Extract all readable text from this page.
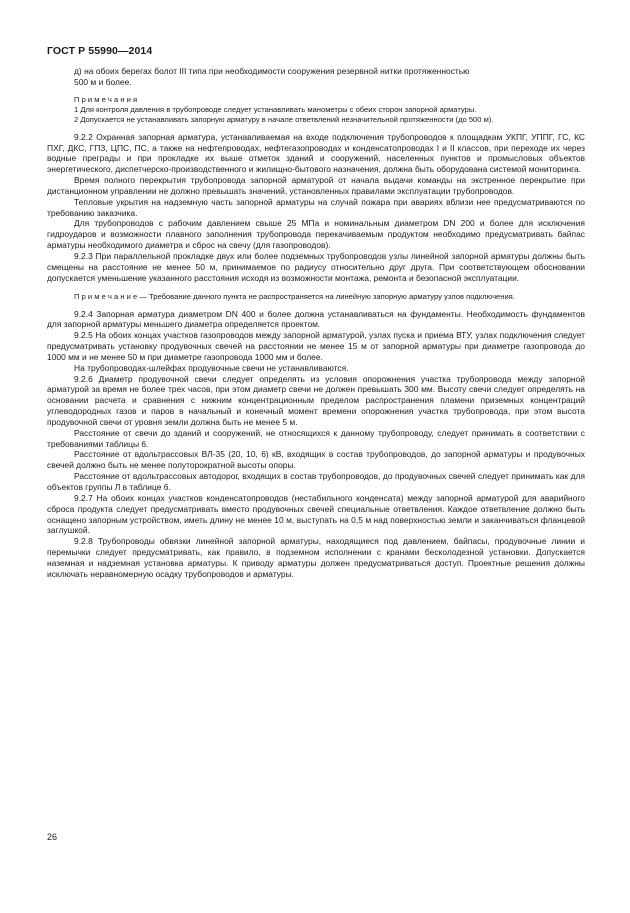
ГОСТ Р 55990—2014

д) на обоих берегах болот III типа при необходимости сооружения резервной нитки протяженностью

500 м и более.

П р и м е ч а н и я

1 Для контроля давления в трубопроводе следует устанавливать манометры с обеих сторон запорной арматуры.

2 Допускается не устанавливать запорную арматуру в начале ответвлений незначительной протяженности (до 500 м).

9.2.2 Охранная запорная арматура, устанавливаемая на входе подключения трубопроводов к площадкам УКПГ, УППГ, ГС, КС ПХГ, ДКС, ГПЗ, ЦПС, ПС, а также на нефтепроводах, нефтегазопроводах и конденсатопроводах I и II классов, при переходе их через водные преграды и при прокладке их выше отметок зданий и сооружений, населенных пунктов и промысловых объектов энергетического, диспетчерско-производственного и жилищно-бытового назначения, должна быть оборудована системой мониторинга.

Время полного перекрытия трубопровода запорной арматурой от начала выдачи команды на экстренное перекрытие при дистанционном управлении не должно превышать значений, установленных правилами эксплуатации трубопроводов.

Тепловые укрытия на надземную часть запорной арматуры на случай пожара при авариях вблизи нее предусматриваются по требованию заказчика.

Для трубопроводов с рабочим давлением свыше 25 МПа и номинальным диаметром DN 200 и более для исключения гидроударов и возможности плавного заполнения трубопровода перекачиваемым продуктом необходимо предусматривать байпас арматуры необходимого диаметра и сброс на свечу (для газопроводов).

9.2.3 При параллельной прокладке двух или более подземных трубопроводов узлы линейной запорной арматуры должны быть смещены на расстояние не менее 50 м, принимаемое по радиусу относительно друг друга. При соответствующем обосновании допускается уменьшение указанного расстояния исходя из возможности монтажа, ремонта и безопасной эксплуатации.

П р и м е ч а н и е — Требование данного пункта не распространяется на линейную запорную арматуру узлов подключения.

9.2.4 Запорная арматура диаметром DN 400 и более должна устанавливаться на фундаменты. Необходимость фундаментов для запорной арматуры меньшего диаметра определяется проектом.

9.2.5 На обоих концах участков газопроводов между запорной арматурой, узлах пуска и приема ВТУ, узлах подключения следует предусматривать установку продувочных свечей на расстоянии не менее 15 м от запорной арматуры при диаметре газопровода до 1000 мм и не менее 50 м при диаметре газопровода 1000 мм и более.

На трубопроводах-шлейфах продувочные свечи не устанавливаются.

9.2.6 Диаметр продувочной свечи следует определять из условия опорожнения участка трубопровода между запорной арматурой за время не более трех часов, при этом диаметр свечи не должен превышать 300 мм. Высоту свечи следует определять на основании расчета и сравнения с нижним концентрационным пределом распространения пламени приземных концентраций углеводородных газов и паров в начальный и конечный момент времени опорожнения участка трубопровода, при этом высота продувочной свечи от уровня земли должна быть не менее 5 м.

Расстояние от свечи до зданий и сооружений, не относящихся к данному трубопроводу, следует принимать в соответствии с требованиями таблицы 6.

Расстояние от вдольтрассовых ВЛ-35 (20, 10, 6) кВ, входящих в состав трубопроводов, до запорной арматуры и продувочных свечей должно быть не менее полуторократной высоты опоры.

Расстояние от вдольтрассовых автодорог, входящих в состав трубопроводов, до продувочных свечей следует принимать как для объектов группы Л в таблице 6.

9.2.7 На обоих концах участков конденсатопроводов (нестабильного конденсата) между запорной арматурой для аварийного сброса продукта следует предусматривать вместо продувочных свечей специальные ответвления. Каждое ответвление должно быть оснащено запорным устройством, иметь длину не менее 10 м, выступать на 0,5 м над поверхностью земли и заканчиваться фланцевой заглушкой.

9.2.8 Трубопроводы обвязки линейной запорной арматуры, находящиеся под давлением, байпасы, продувочные линии и перемычки следует предусматривать, как правило, в подземном исполнении с кранами бесколодезной установки. Допускается наземная и надземная установка арматуры. К приводу арматуры должен предусматриваться доступ. Проектные решения должны исключать неравномерную осадку трубопроводов и арматуры.

26
